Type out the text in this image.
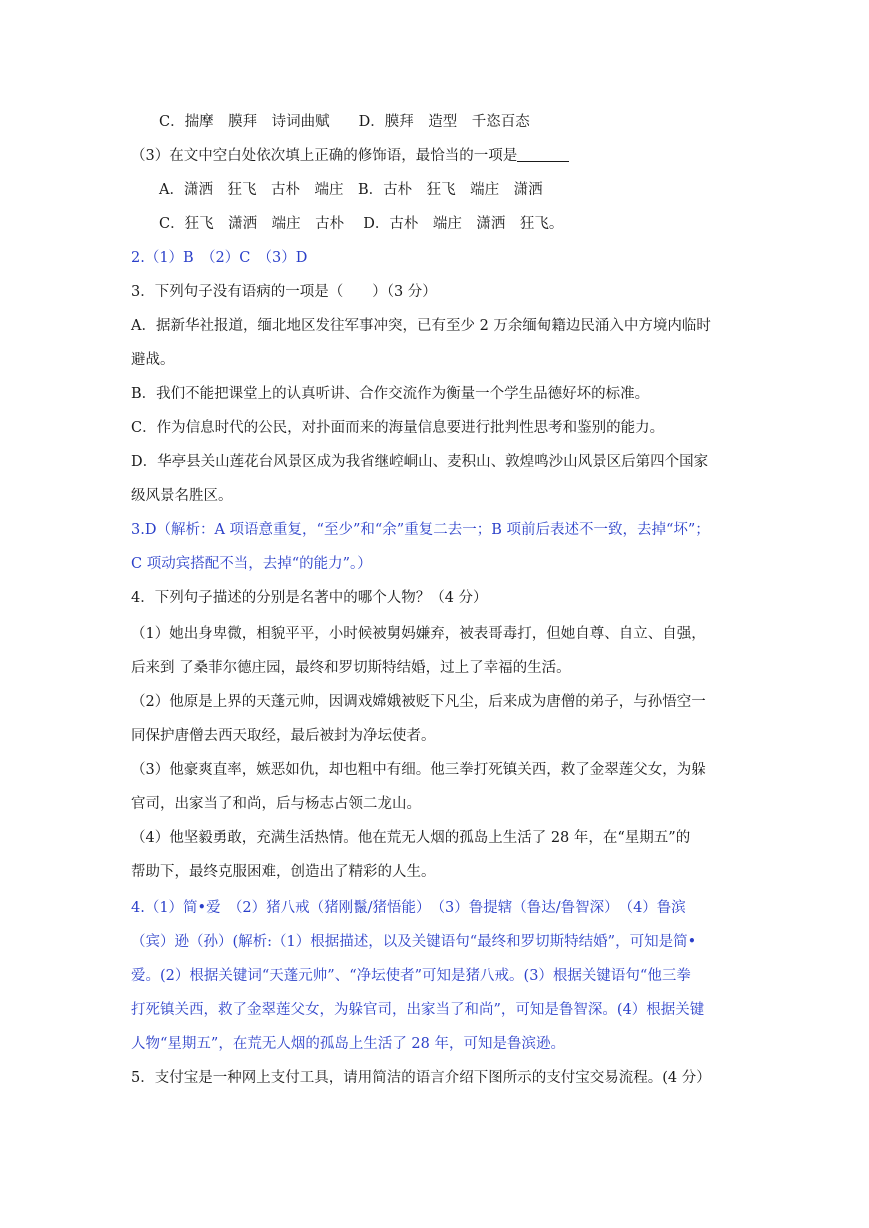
C．揣摩　膜拜　诗词曲赋　　D．膜拜　造型　千恣百态
（3）在文中空白处依次填上正确的修饰语，最恰当的一项是
A．潇洒　狂飞　古朴　端庄　B．古朴　狂飞　端庄　潇洒
C．狂飞　潇洒　端庄　古朴　 D．古朴　端庄　潇洒　狂飞。
2.（1）B　（2）C　（3）D
3．下列句子没有语病的一项是（　　）（3 分）
A．据新华社报道，缅北地区发往军事冲突，已有至少 2 万余缅甸籍边民涌入中方境内临时
避战。
B．我们不能把课堂上的认真听讲、合作交流作为衡量一个学生品德好坏的标准。
C．作为信息时代的公民，对扑面而来的海量信息要进行批判性思考和鉴别的能力。
D．华亭县关山莲花台风景区成为我省继崆峒山、麦积山、敦煌鸣沙山风景区后第四个国家
级风景名胜区。
3.D（解析：A 项语意重复，“至少”和“余”重复二去一；B 项前后表述不一致，去掉“坏”；
C 项动宾搭配不当，去掉“的能力”。）
4．下列句子描述的分别是名著中的哪个人物？（4 分）
（1）她出身卑微，相貌平平，小时候被舅妈嫌弃，被表哥毒打，但她自尊、自立、自强，
后来到 了桑菲尔德庄园，最终和罗切斯特结婚，过上了幸福的生活。
（2）他原是上界的天蓬元帅，因调戏嫦娥被贬下凡尘，后来成为唐僧的弟子，与孙悟空一
同保护唐僧去西天取经，最后被封为净坛使者。
（3）他豪爽直率，嫉恶如仇，却也粗中有细。他三拳打死镇关西，救了金翠莲父女，为躲
官司，出家当了和尚，后与杨志占领二龙山。
（4）他坚毅勇敢，充满生活热情。他在荒无人烟的孤岛上生活了 28 年，在“星期五”的
帮助下，最终克服困难，创造出了精彩的人生。
4.（1）简•爱　（2）猪八戒（猪刚鬣/猪悟能）　（3）鲁提辖（鲁达/鲁智深）　（4）鲁滨
（宾）逊（孙）(解析:（1）根据描述，以及关键语句“最终和罗切斯特结婚”，可知是简•
爱。(2）根据关键词“天蓬元帅”、“净坛使者”可知是猪八戒。(3）根据关键语句“他三拳
打死镇关西，救了金翠莲父女，为躲官司，出家当了和尚”，可知是鲁智深。(4）根据关键
人物“星期五”，在荒无人烟的孤岛上生活了 28 年，可知是鲁滨逊。
5．支付宝是一种网上支付工具，请用简洁的语言介绍下图所示的支付宝交易流程。(4 分）
